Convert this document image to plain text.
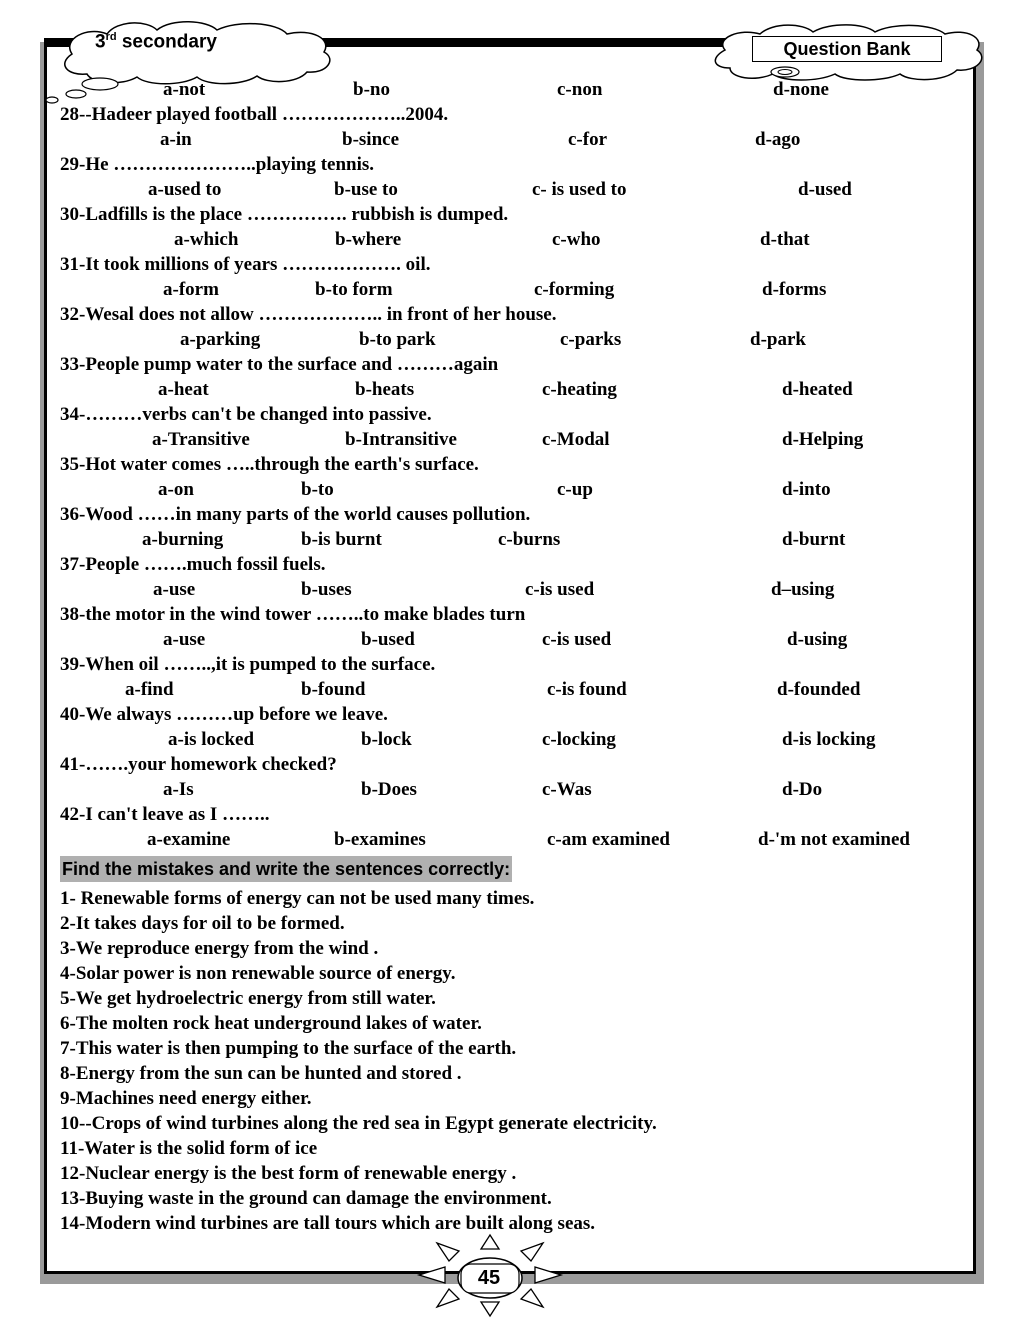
3rd secondary	Question Bank
a-not	b-no	c-non	d-none
28--Hadeer played football ………………..2004.
a-in	b-since	c-for	d-ago
29-He …………………..playing tennis.
a-used to	b-use to	c- is used to	d-used
30-Ladfills is the place ……………. rubbish is dumped.
a-which	b-where	c-who	d-that
31-It took millions of years ………………. oil.
a-form	b-to form	c-forming	d-forms
32-Wesal does not allow ……………….. in front of her house.
a-parking	b-to park	c-parks	d-park
33-People pump water to the surface and ………again
a-heat	b-heats	c-heating	d-heated
34-………verbs can't be changed into passive.
a-Transitive	b-Intransitive	c-Modal	d-Helping
35-Hot water comes …..through the earth's surface.
a-on	b-to	c-up	d-into
36-Wood ……in many parts of the world causes pollution.
a-burning	b-is burnt	c-burns	d-burnt
37-People …….much fossil fuels.
a-use	b-uses	c-is used	d–using
38-the motor in the wind tower ……..to make blades turn
a-use	b-used	c-is used	d-using
39-When oil ……..,it is pumped to the surface.
a-find	b-found	c-is found	d-founded
40-We always ………up before we leave.
a-is locked	b-lock	c-locking	d-is locking
41-…….your homework checked?
a-Is	b-Does	c-Was	d-Do
42-I can't leave as I ……..
a-examine	b-examines	c-am examined	d-'m not examined
Find the mistakes and write the sentences correctly:
1- Renewable forms of energy can not be used many times.
2-It takes days for oil to be formed.
3-We reproduce energy from the wind .
4-Solar power is non renewable source of energy.
5-We get hydroelectric energy from still water.
6-The molten rock heat underground lakes of water.
7-This water is then pumping to the surface of the earth.
8-Energy from the sun can be hunted and stored .
9-Machines need energy either.
10--Crops of wind turbines along the red sea in Egypt generate electricity.
11-Water is the solid form of ice
12-Nuclear energy is the best form of renewable energy .
13-Buying waste in the ground can damage the environment.
14-Modern wind turbines are tall tours which are built along seas.
45
